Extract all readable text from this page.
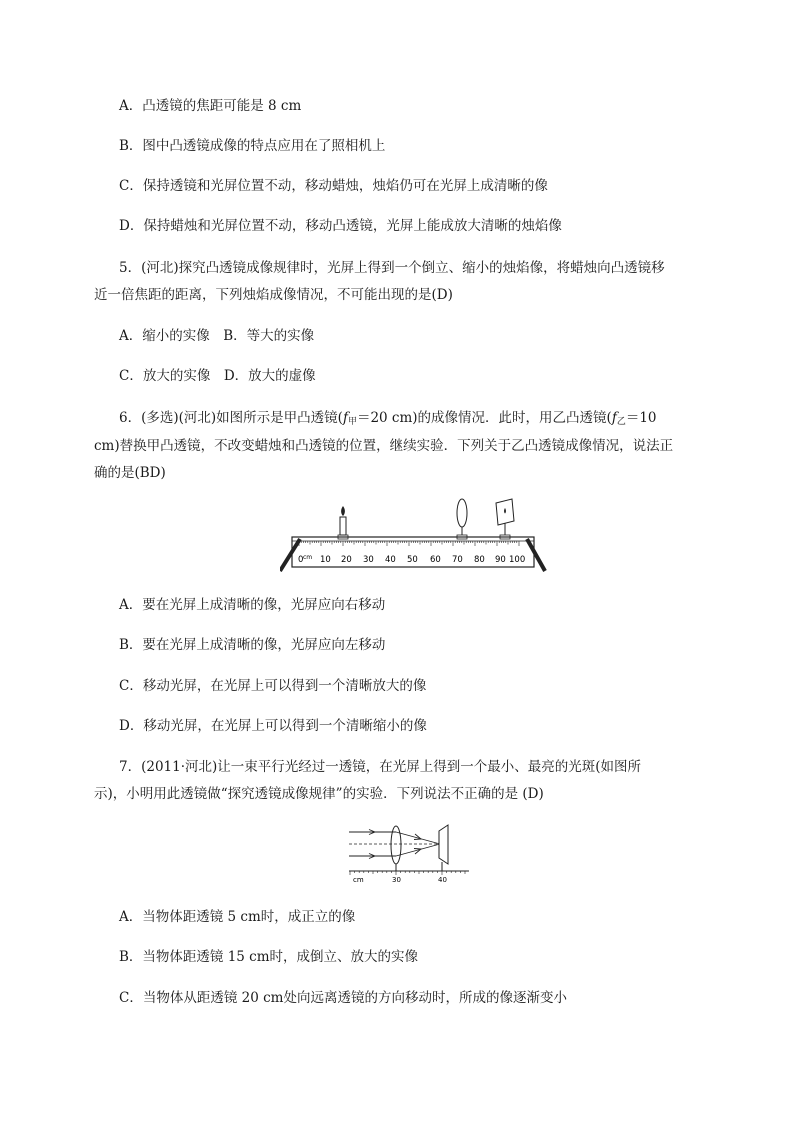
A．凸透镜的焦距可能是 8 cm
B．图中凸透镜成像的特点应用在了照相机上
C．保持透镜和光屏位置不动，移动蜡烛，烛焰仍可在光屏上成清晰的像
D．保持蜡烛和光屏位置不动，移动凸透镜，光屏上能成放大清晰的烛焰像
5．(河北)探究凸透镜成像规律时，光屏上得到一个倒立、缩小的烛焰像，将蜡烛向凸透镜移
近一倍焦距的距离，下列烛焰成像情况，不可能出现的是(D)
A．缩小的实像　B．等大的实像
C．放大的实像　D．放大的虚像
6．(多选)(河北)如图所示是甲凸透镜($f_甲=20$ cm)的成像情况．此时，用乙凸透镜($f_乙=10$
cm)替换甲凸透镜，不改变蜡烛和凸透镜的位置，继续实验．下列关于乙凸透镜成像情况，说法正
确的是(BD)
0 cm 10 20 30 40 50 60 70 80 90 100
A．要在光屏上成清晰的像，光屏应向右移动
B．要在光屏上成清晰的像，光屏应向左移动
C．移动光屏，在光屏上可以得到一个清晰放大的像
D．移动光屏，在光屏上可以得到一个清晰缩小的像
7．(2011·河北)让一束平行光经过一透镜，在光屏上得到一个最小、最亮的光斑(如图所
示)，小明用此透镜做“探究透镜成像规律”的实验．下列说法不正确的是 (D)
cm	30	40
A．当物体距透镜 5 cm时，成正立的像
B．当物体距透镜 15 cm时，成倒立、放大的实像
C．当物体从距透镜 20 cm处向远离透镜的方向移动时，所成的像逐渐变小
